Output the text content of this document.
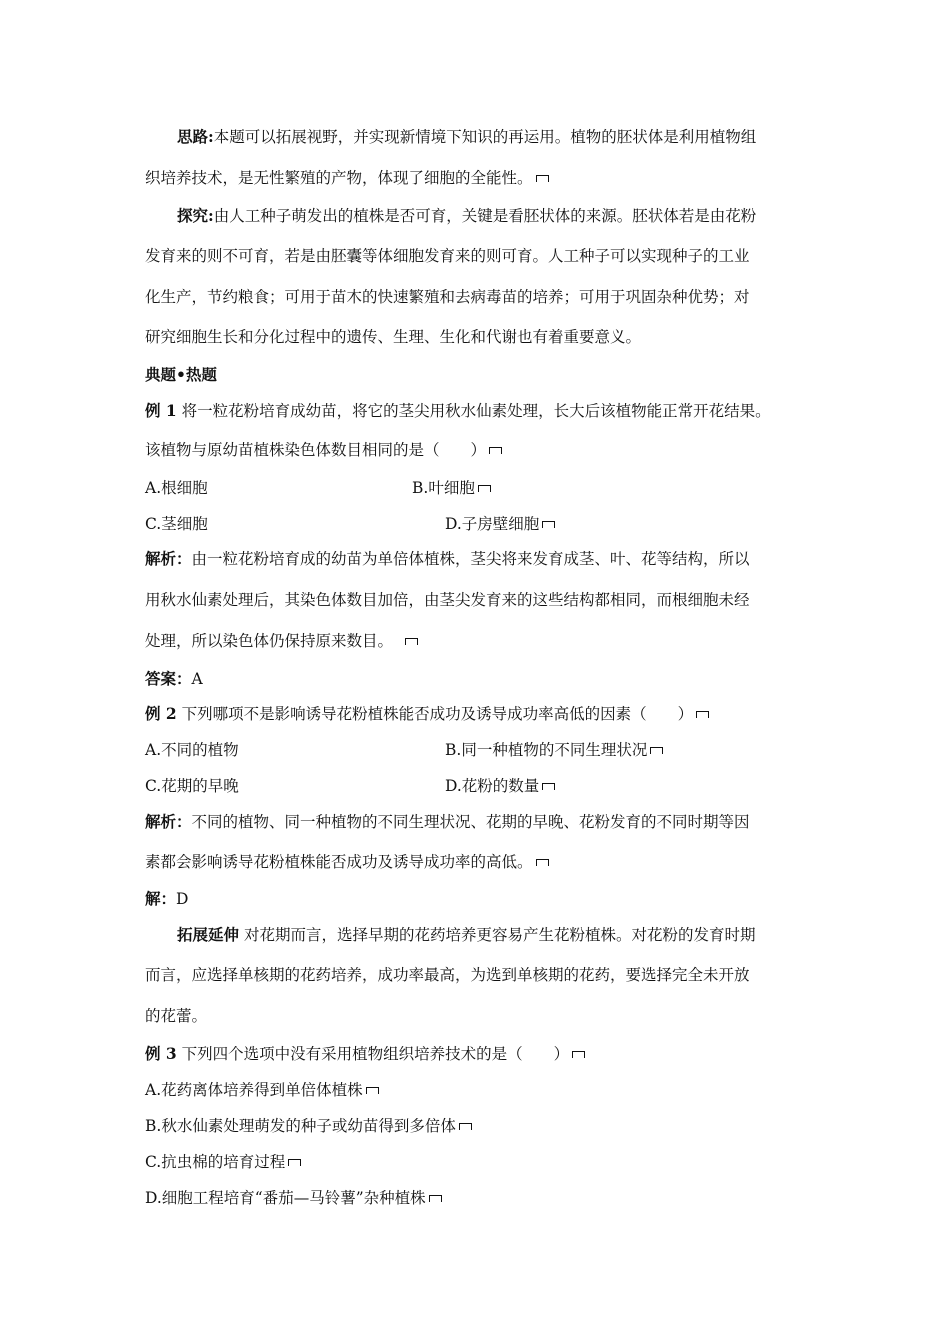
思路:本题可以拓展视野，并实现新情境下知识的再运用。植物的胚状体是利用植物组
织培养技术，是无性繁殖的产物，体现了细胞的全能性。
探究:由人工种子萌发出的植株是否可育，关键是看胚状体的来源。胚状体若是由花粉
发育来的则不可育，若是由胚囊等体细胞发育来的则可育。人工种子可以实现种子的工业
化生产，节约粮食；可用于苗木的快速繁殖和去病毒苗的培养；可用于巩固杂种优势；对
研究细胞生长和分化过程中的遗传、生理、生化和代谢也有着重要意义。
典题•热题
例 1 将一粒花粉培育成幼苗，将它的茎尖用秋水仙素处理，长大后该植物能正常开花结果。
该植物与原幼苗植株染色体数目相同的是（　　）
A.根细胞	B.叶细胞
C.茎细胞	D.子房壁细胞
解析：由一粒花粉培育成的幼苗为单倍体植株，茎尖将来发育成茎、叶、花等结构，所以
用秋水仙素处理后，其染色体数目加倍，由茎尖发育来的这些结构都相同，而根细胞未经
处理，所以染色体仍保持原来数目。
答案：A
例 2 下列哪项不是影响诱导花粉植株能否成功及诱导成功率高低的因素（　　）
A.不同的植物	B.同一种植物的不同生理状况
C.花期的早晚	D.花粉的数量
解析：不同的植物、同一种植物的不同生理状况、花期的早晚、花粉发育的不同时期等因
素都会影响诱导花粉植株能否成功及诱导成功率的高低。
解：D
拓展延伸 对花期而言，选择早期的花药培养更容易产生花粉植株。对花粉的发育时期
而言，应选择单核期的花药培养，成功率最高，为选到单核期的花药，要选择完全未开放
的花蕾。
例 3 下列四个选项中没有采用植物组织培养技术的是（　　）
A.花药离体培养得到单倍体植株
B.秋水仙素处理萌发的种子或幼苗得到多倍体
C.抗虫棉的培育过程
D.细胞工程培育“番茄—马铃薯”杂种植株
